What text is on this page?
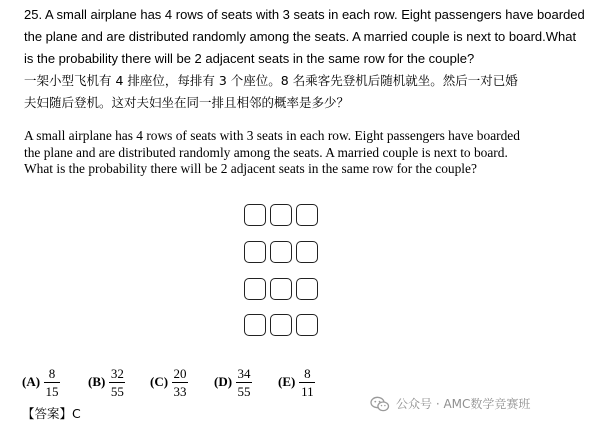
25. A small airplane has 4 rows of seats with 3 seats in each row. Eight passengers have boarded

the plane and are distributed randomly among the seats. A married couple is next to board.What

is the probability there will be 2 adjacent seats in the same row for the couple?

一架小型飞机有 4 排座位，每排有 3 个座位。8 名乘客先登机后随机就坐。然后一对已婚

夫妇随后登机。这对夫妇坐在同一排且相邻的概率是多少？

A small airplane has 4 rows of seats with 3 seats in each row. Eight passengers have boarded

the plane and are distributed randomly among the seats. A married couple is next to board.

What is the probability there will be 2 adjacent seats in the same row for the couple?

$(A) \frac{8}{15} (B) \frac{32}{55} (C) \frac{20}{33} (D) \frac{34}{55} (E) \frac{8}{11}$
【答案】C
公众号 · AMC数学竞赛班
